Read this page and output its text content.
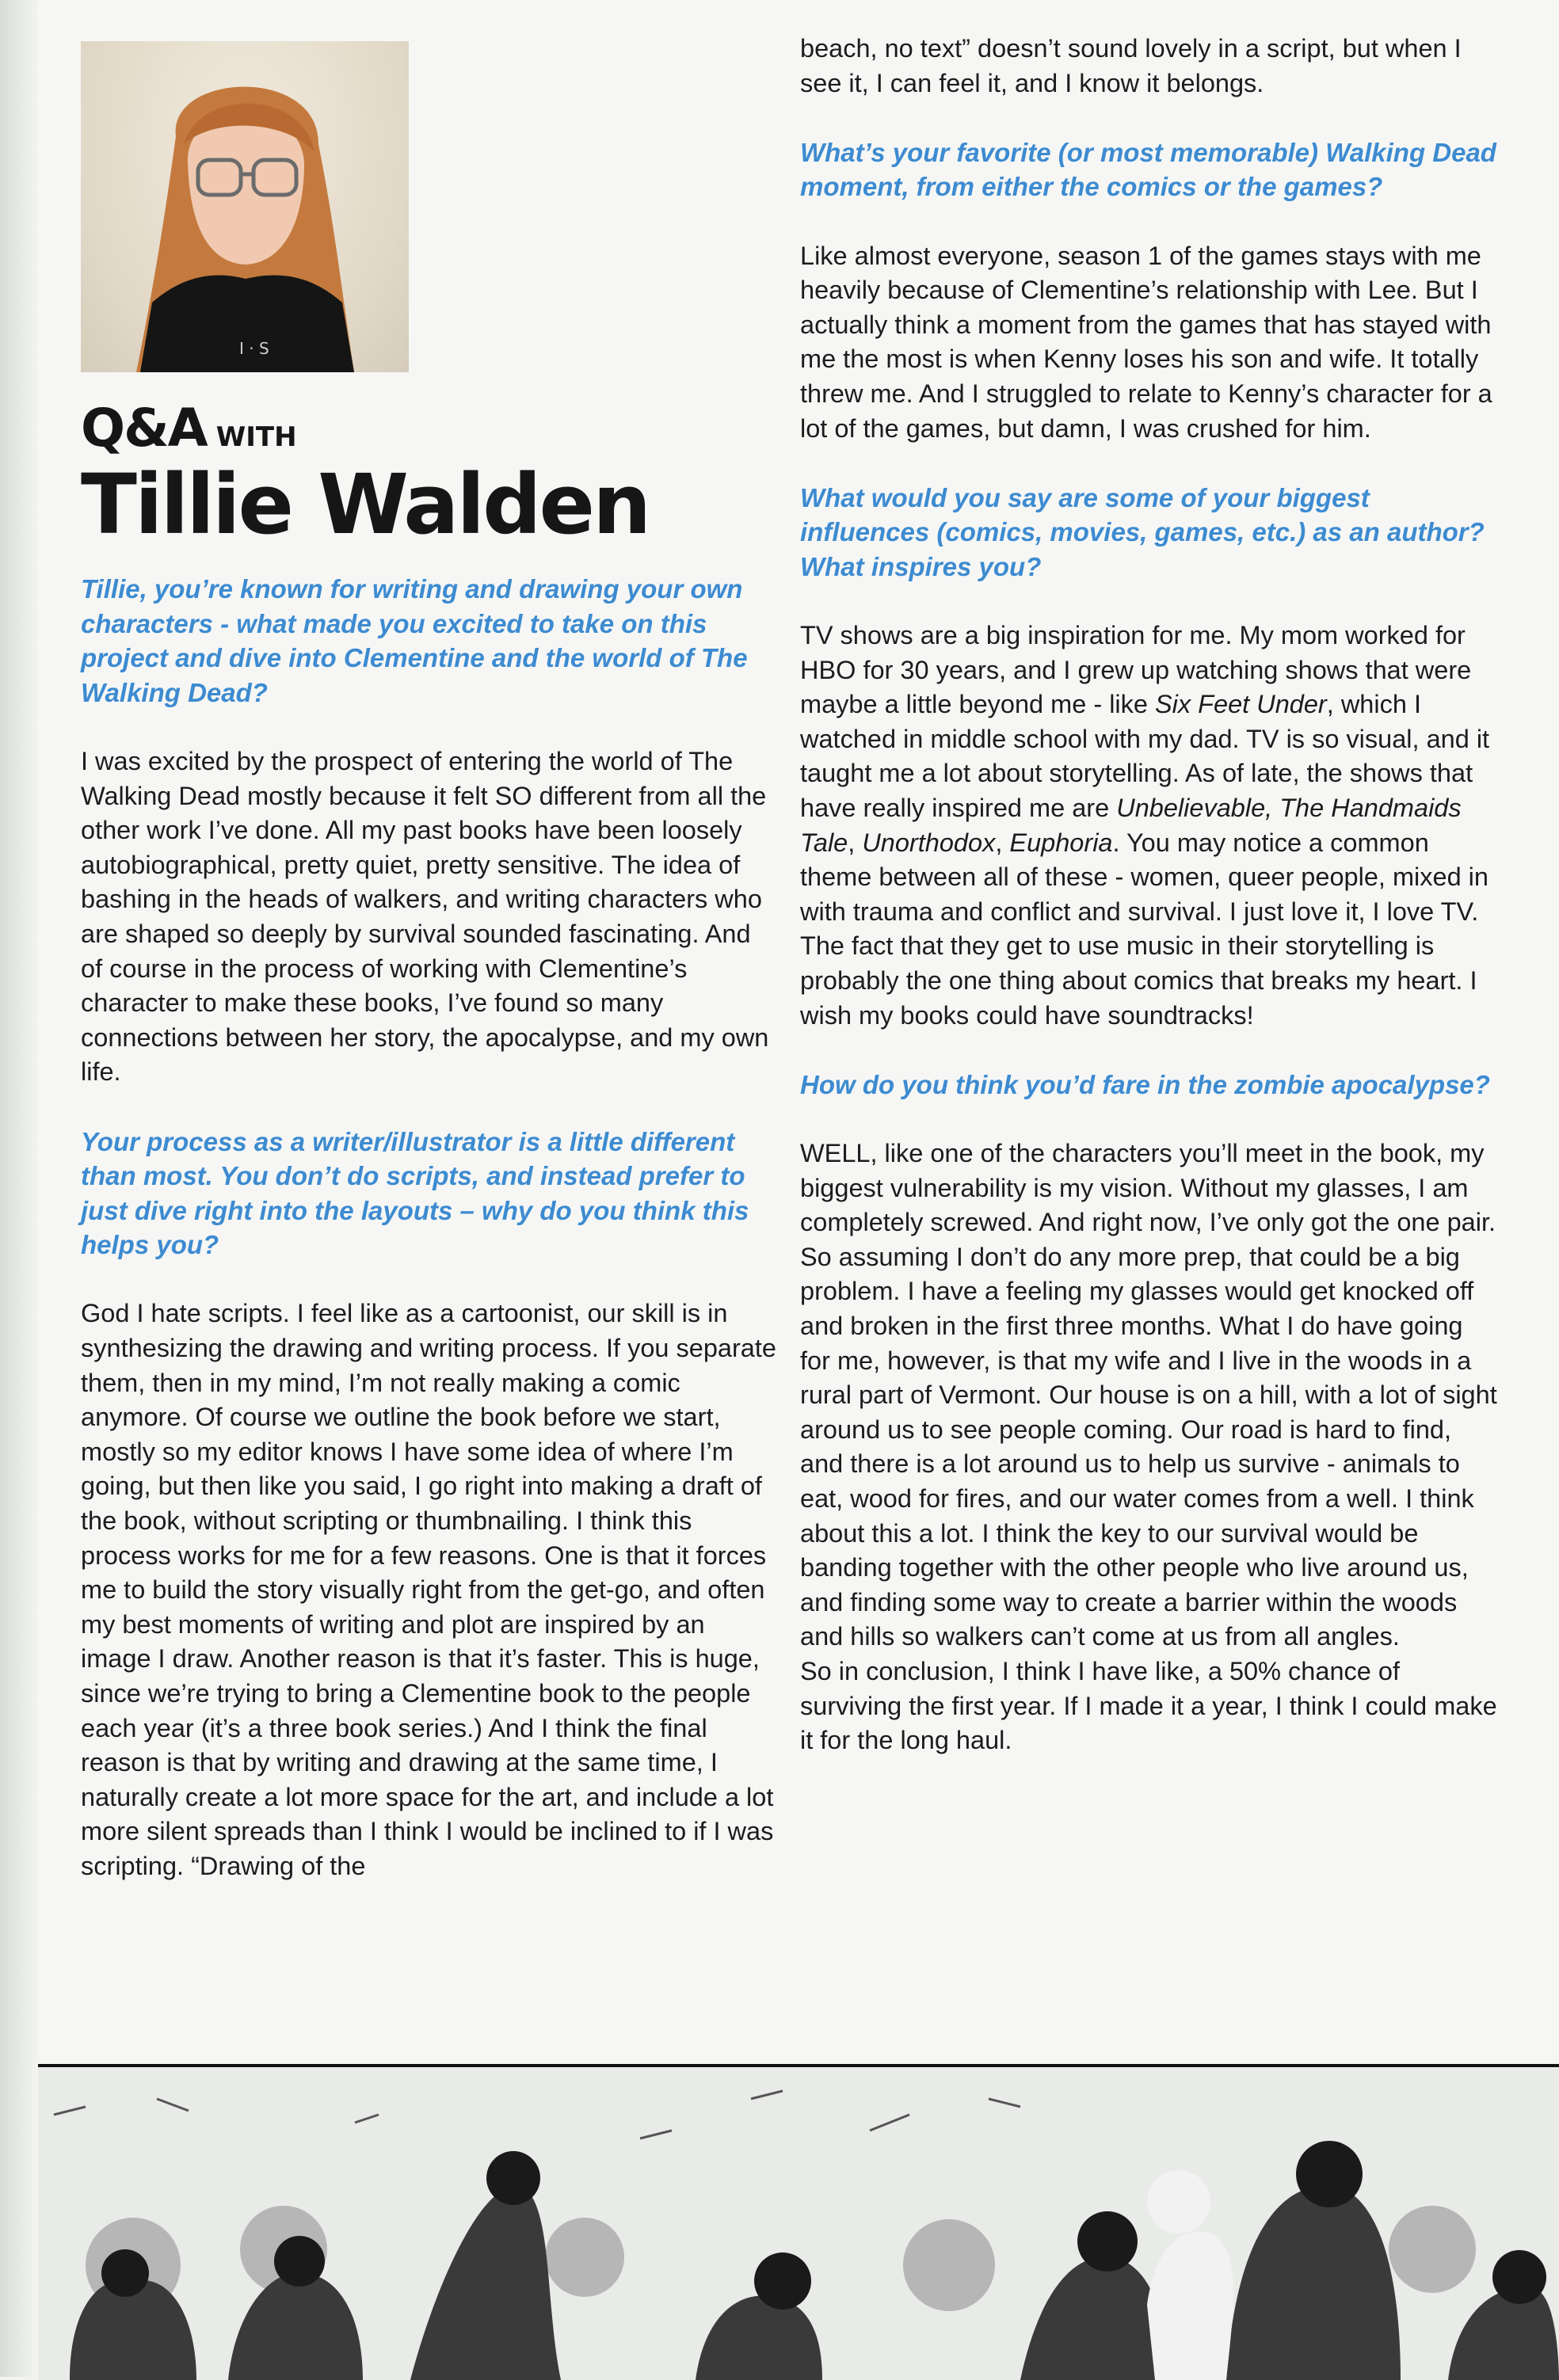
I · S
Q&A WITH
Tillie Walden

Tillie, you’re known for writing and drawing your own characters - what made you excited to take on this project and dive into Clementine and the world of The Walking Dead?

I was excited by the prospect of entering the world of The Walking Dead mostly because it felt SO different from all the other work I’ve done. All my past books have been loosely autobiographical, pretty quiet, pretty sensitive. The idea of bashing in the heads of walkers, and writing characters who are shaped so deeply by survival sounded fascinating. And of course in the process of working with Clementine’s character to make these books, I’ve found so many connections between her story, the apocalypse, and my own life.

Your process as a writer/illustrator is a little different than most. You don’t do scripts, and instead prefer to just dive right into the layouts – why do you think this helps you?

God I hate scripts. I feel like as a cartoonist, our skill is in synthesizing the drawing and writing process. If you separate them, then in my mind, I’m not really making a comic anymore. Of course we outline the book before we start, mostly so my editor knows I have some idea of where I’m going, but then like you said, I go right into making a draft of the book, without scripting or thumbnailing. I think this process works for me for a few reasons. One is that it forces me to build the story visually right from the get-go, and often my best moments of writing and plot are inspired by an image I draw. Another reason is that it’s faster. This is huge, since we’re trying to bring a Clementine book to the people each year (it’s a three book series.) And I think the final reason is that by writing and drawing at the same time, I naturally create a lot more space for the art, and include a lot more silent spreads than I think I would be inclined to if I was scripting. “Drawing of the

beach, no text” doesn’t sound lovely in a script, but when I see it, I can feel it, and I know it belongs.

What’s your favorite (or most memorable) Walking Dead moment, from either the comics or the games?

Like almost everyone, season 1 of the games stays with me heavily because of Clementine’s relationship with Lee. But I actually think a moment from the games that has stayed with me the most is when Kenny loses his son and wife. It totally threw me. And I struggled to relate to Kenny’s character for a lot of the games, but damn, I was crushed for him.

What would you say are some of your biggest influences (comics, movies, games, etc.) as an author? What inspires you?

TV shows are a big inspiration for me. My mom worked for HBO for 30 years, and I grew up watching shows that were maybe a little beyond me - like Six Feet Under, which I watched in middle school with my dad. TV is so visual, and it taught me a lot about storytelling. As of late, the shows that have really inspired me are Unbelievable, The Handmaids Tale, Unorthodox, Euphoria. You may notice a common theme between all of these - women, queer people, mixed in with trauma and conflict and survival. I just love it, I love TV. The fact that they get to use music in their storytelling is probably the one thing about comics that breaks my heart. I wish my books could have soundtracks!

How do you think you’d fare in the zombie apocalypse?

WELL, like one of the characters you’ll meet in the book, my biggest vulnerability is my vision. Without my glasses, I am completely screwed. And right now, I’ve only got the one pair. So assuming I don’t do any more prep, that could be a big problem. I have a feeling my glasses would get knocked off and broken in the first three months. What I do have going for me, however, is that my wife and I live in the woods in a rural part of Vermont. Our house is on a hill, with a lot of sight around us to see people coming. Our road is hard to find, and there is a lot around us to help us survive - animals to eat, wood for fires, and our water comes from a well. I think about this a lot. I think the key to our survival would be banding together with the other people who live around us, and finding some way to create a barrier within the woods and hills so walkers can’t come at us from all angles.

So in conclusion, I think I have like, a 50% chance of surviving the first year. If I made it a year, I think I could make it for the long haul.
